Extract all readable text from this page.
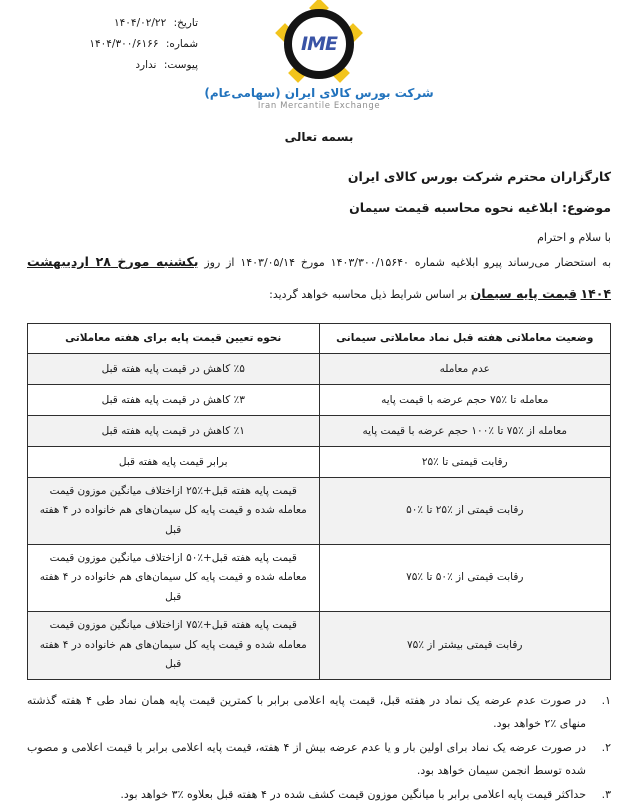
تاریخ: ۱۴۰۴/۰۲/۲۲
شماره: ۱۴۰۴/۳۰۰/۶۱۶۶
پیوست: ندارد
IME
شرکت بورس کالای ایران (سهامی‌عام)
Iran Mercantile Exchange
بسمه تعالی
کارگزاران محترم شرکت بورس کالای ایران
موضوع: ابلاغیه نحوه محاسبه قیمت سیمان
با سلام و احترام
به استحضار می‌رساند پیرو ابلاغیه شماره ۱۴۰۳/۳۰۰/۱۵۶۴۰ مورخ ۱۴۰۳/۰۵/۱۴ از روز یکشنبه مورخ ۲۸ اردیبهشت ۱۴۰۴ قیمت پایه سیمان بر اساس شرایط ذیل محاسبه خواهد گردید:
وضعیت معاملاتی هفته قبل نماد معاملاتی سیمانی	نحوه تعیین قیمت پایه برای هفته معاملاتی
عدم معامله	٪۵ کاهش در قیمت پایه هفته قبل
معامله تا ٪۷۵ حجم عرضه با قیمت پایه	٪۳ کاهش در قیمت پایه هفته قبل
معامله از ٪۷۵ تا ٪۱۰۰ حجم عرضه با قیمت پایه	٪۱ کاهش در قیمت پایه هفته قبل
رقابت قیمتی تا ٪۲۵	برابر قیمت پایه هفته قبل
رقابت قیمتی از ٪۲۵ تا ٪۵۰	قیمت پایه هفته قبل+٪۲۵ ازاختلاف میانگین موزون قیمت معامله شده و قیمت پایه کل سیمان‌های هم خانواده در ۴ هفته قبل
رقابت قیمتی از ٪۵۰ تا ٪۷۵	قیمت پایه هفته قبل+٪۵۰ ازاختلاف میانگین موزون قیمت معامله شده و قیمت پایه کل سیمان‌های هم خانواده در ۴ هفته قبل
رقابت قیمتی بیشتر از ٪۷۵	قیمت پایه هفته قبل+٪۷۵ ازاختلاف میانگین موزون قیمت معامله شده و قیمت پایه کل سیمان‌های هم خانواده در ۴ هفته قبل
۱.
در صورت عدم عرضه یک نماد در هفته قبل، قیمت پایه اعلامی برابر با کمترین قیمت پایه همان نماد طی ۴ هفته گذشته منهای ٪۲ خواهد بود.
۲.
در صورت عرضه یک نماد برای اولین بار و یا عدم عرضه بیش از ۴ هفته، قیمت پایه اعلامی برابر با قیمت اعلامی و مصوب شده توسط انجمن سیمان خواهد بود.
۳.
حداکثر قیمت پایه اعلامی برابر با میانگین موزون قیمت کشف شده در ۴ هفته قبل بعلاوه ٪۳ خواهد بود.
